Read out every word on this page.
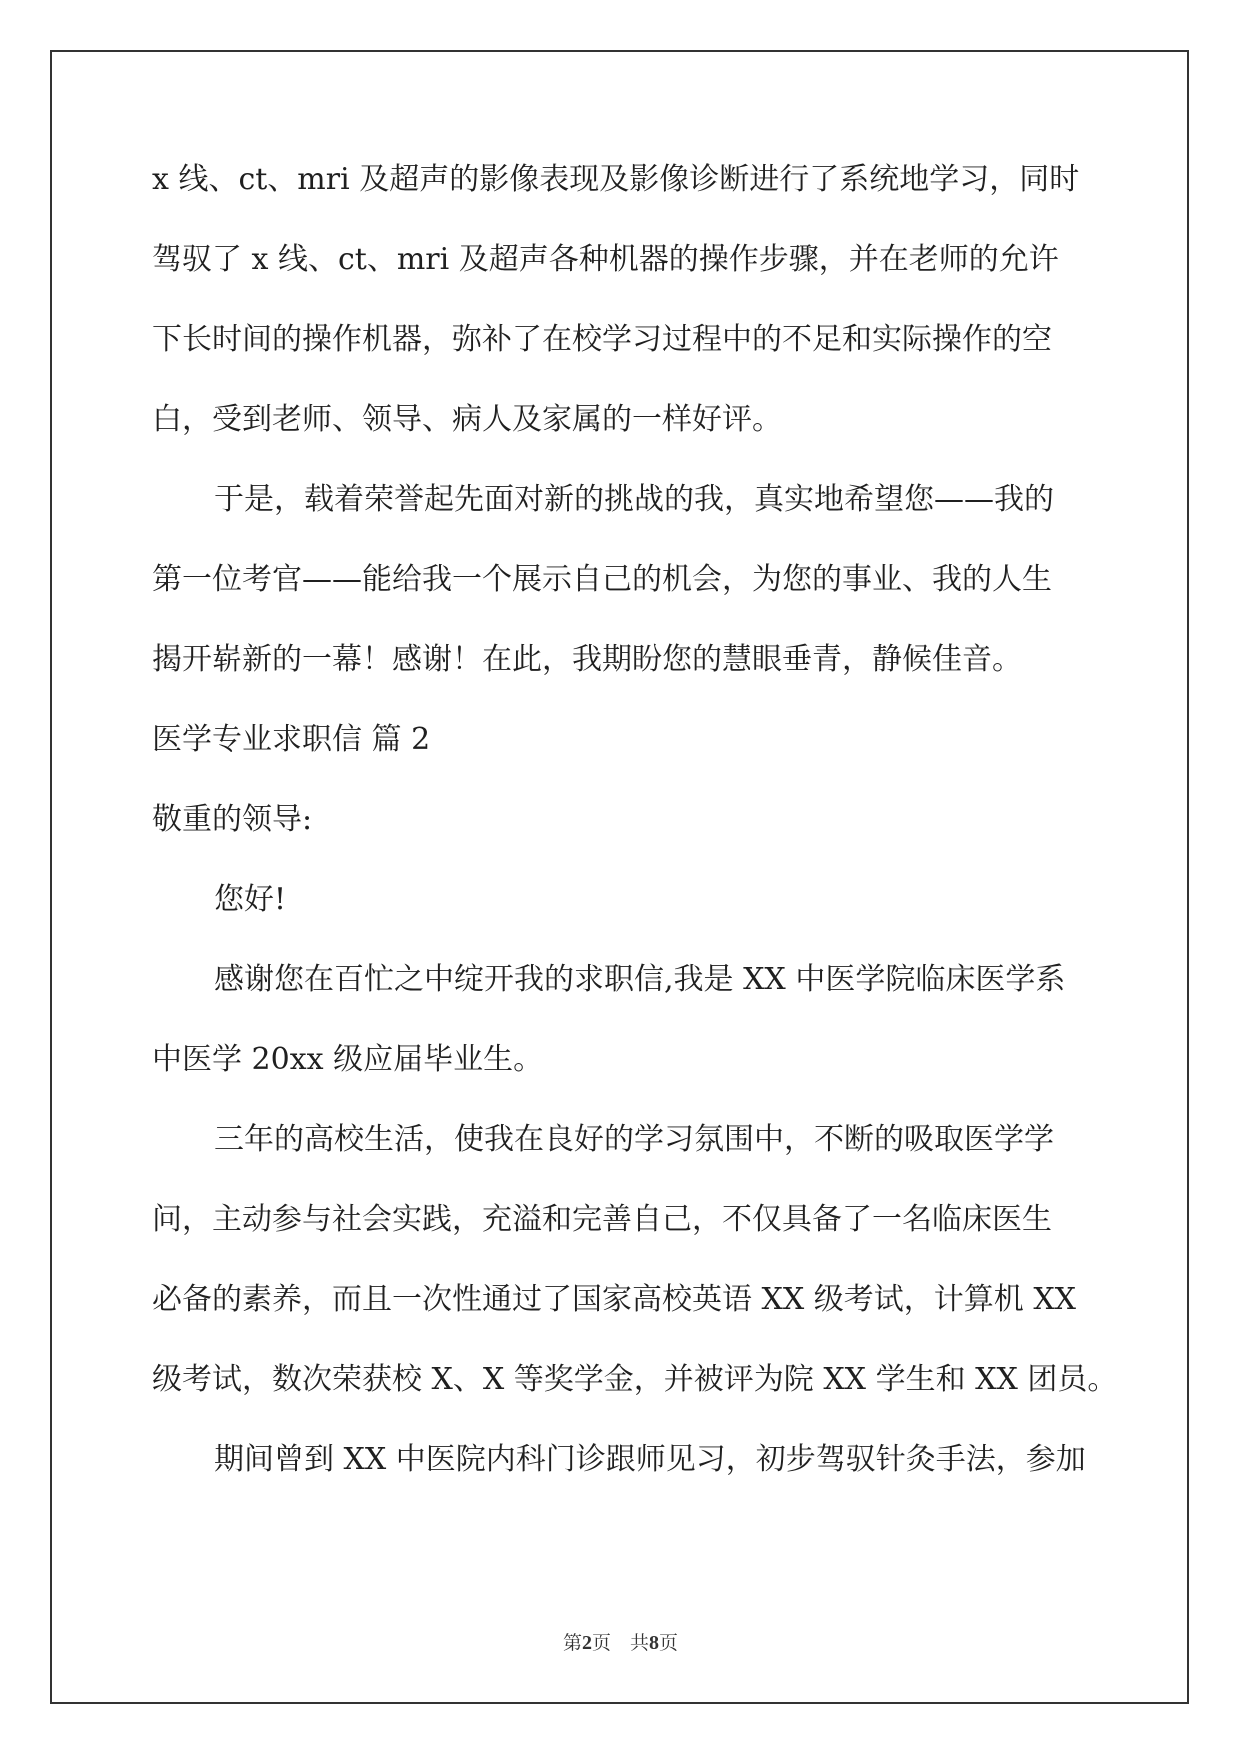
x 线、ct、mri 及超声的影像表现及影像诊断进行了系统地学习，同时

驾驭了 x 线、ct、mri 及超声各种机器的操作步骤，并在老师的允许

下长时间的操作机器，弥补了在校学习过程中的不足和实际操作的空

白，受到老师、领导、病人及家属的一样好评。

于是，载着荣誉起先面对新的挑战的我，真实地希望您——我的

第一位考官——能给我一个展示自己的机会，为您的事业、我的人生

揭开崭新的一幕！感谢！在此，我期盼您的慧眼垂青，静候佳音。

医学专业求职信 篇 2

敬重的领导:

您好!

感谢您在百忙之中绽开我的求职信,我是 XX 中医学院临床医学系

中医学 20xx 级应届毕业生。

三年的高校生活，使我在良好的学习氛围中，不断的吸取医学学

问，主动参与社会实践，充溢和完善自己，不仅具备了一名临床医生

必备的素养，而且一次性通过了国家高校英语 XX 级考试，计算机 XX

级考试，数次荣获校 X、X 等奖学金，并被评为院 XX 学生和 XX 团员。

期间曾到 XX 中医院内科门诊跟师见习，初步驾驭针灸手法，参加

第2页　共8页
